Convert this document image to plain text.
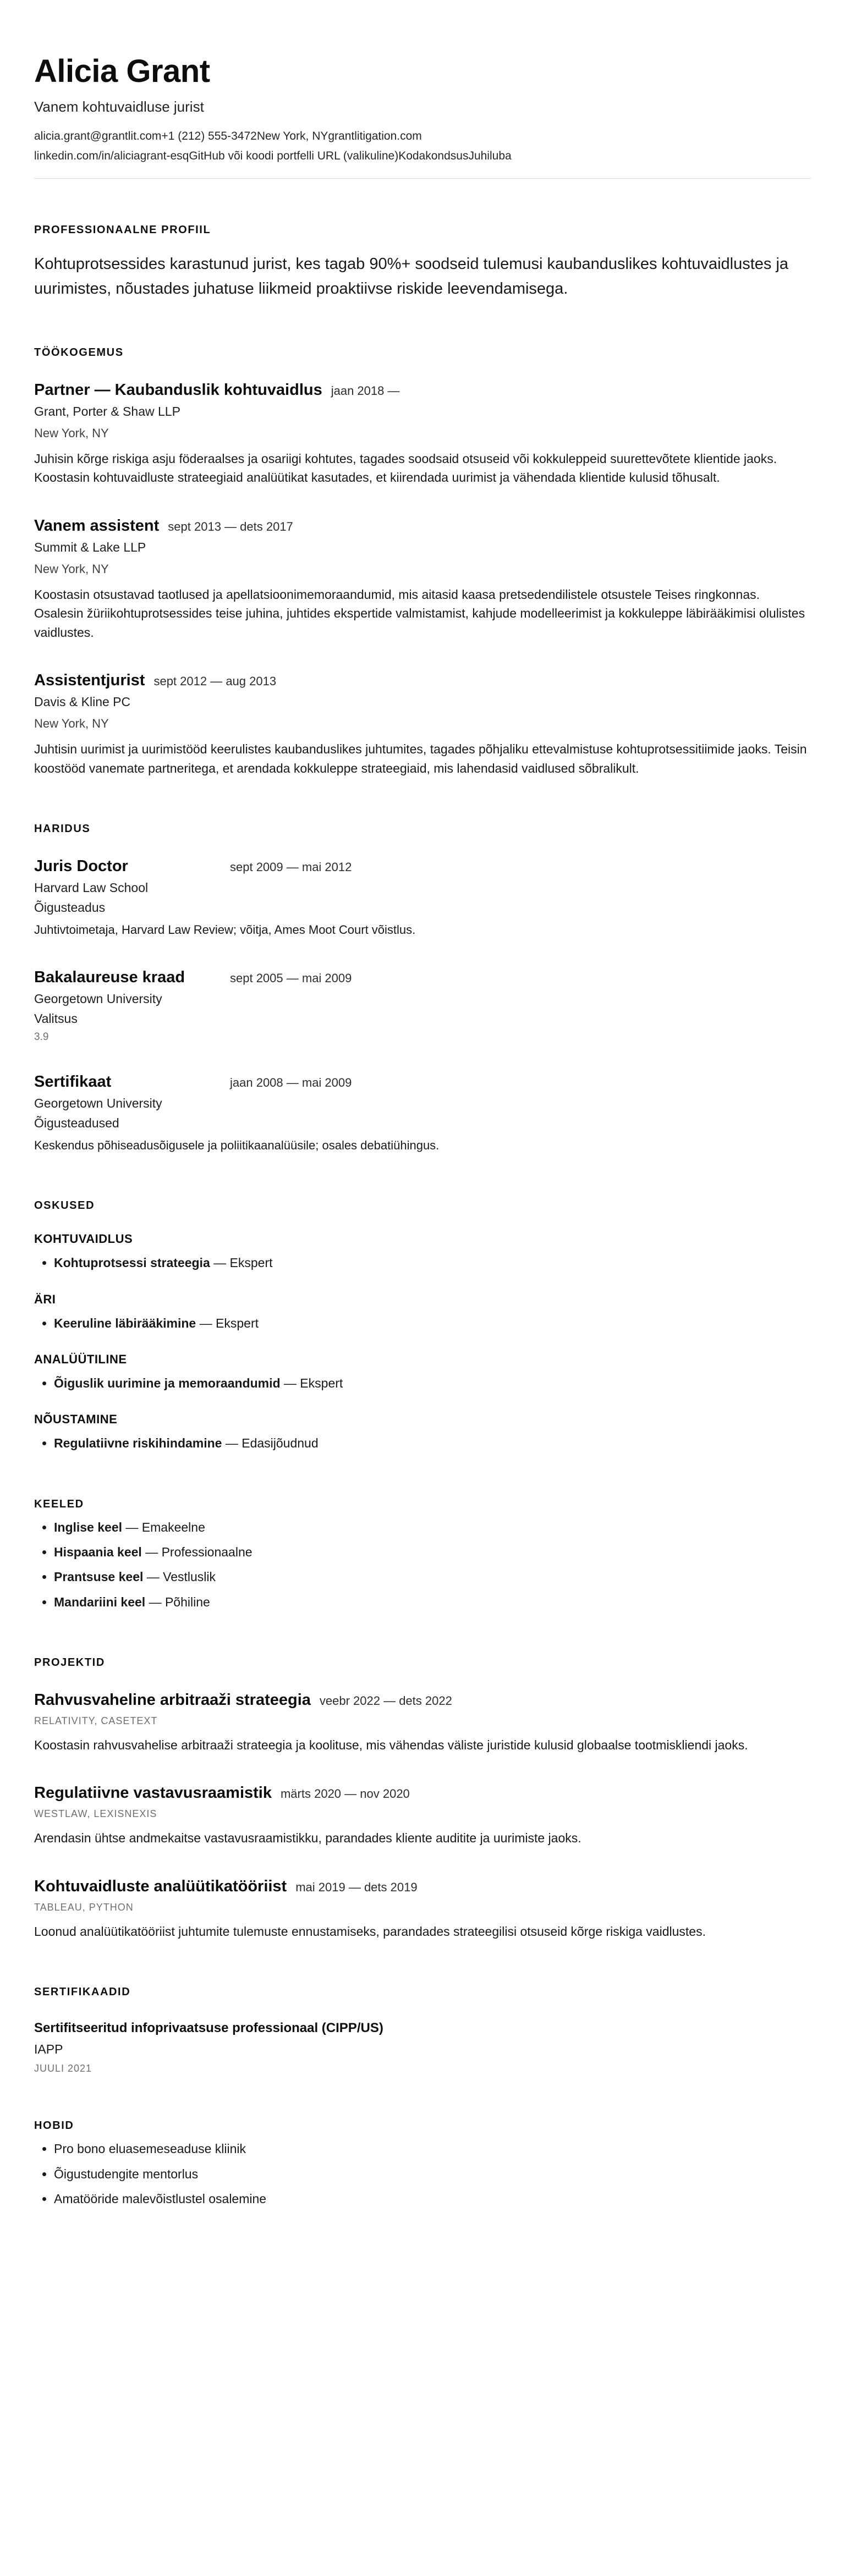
Alicia Grant
Vanem kohtuvaidluse jurist
alicia.grant@grantlit.com+1 (212) 555-3472New York, NYgrantlitigation.com
linkedin.com/in/aliciagrant-esqGitHub või koodi portfelli URL (valikuline)KodakondsusJuhiluba
PROFESSIONAALNE PROFIIL
Kohtuprotsessides karastunud jurist, kes tagab 90%+ soodseid tulemusi kaubanduslikes kohtuvaidlustes ja uurimistes, nõustades juhatuse liikmeid proaktiivse riskide leevendamisega.
TÖÖKOGEMUS
Partner — Kaubanduslik kohtuvaidlus jaan 2018 —
Grant, Porter & Shaw LLP
New York, NY
Juhisin kõrge riskiga asju föderaalses ja osariigi kohtutes, tagades soodsaid otsuseid või kokkuleppeid suurettevõtete klientide jaoks. Koostasin kohtuvaidluste strateegiaid analüütikat kasutades, et kiirendada uurimist ja vähendada klientide kulusid tõhusalt.
Vanem assistent sept 2013 — dets 2017
Summit & Lake LLP
New York, NY
Koostasin otsustavad taotlused ja apellatsioonimemoraandumid, mis aitasid kaasa pretsedendilistele otsustele Teises ringkonnas. Osalesin žüriikohtuprotsessides teise juhina, juhtides ekspertide valmistamist, kahjude modelleerimist ja kokkuleppe läbirääkimisi olulistes vaidlustes.
Assistentjurist sept 2012 — aug 2013
Davis & Kline PC
New York, NY
Juhtisin uurimist ja uurimistööd keerulistes kaubanduslikes juhtumites, tagades põhjaliku ettevalmistuse kohtuprotsessitiimide jaoks. Teisin koostööd vanemate partneritega, et arendada kokkuleppe strateegiaid, mis lahendasid vaidlused sõbralikult.
HARIDUS
Juris Doctor	sept 2009 — mai 2012
Harvard Law School
Õigusteadus
Juhtivtoimetaja, Harvard Law Review; võitja, Ames Moot Court võistlus.
Bakalaureuse kraad	sept 2005 — mai 2009
Georgetown University
Valitsus
3.9
Sertifikaat	jaan 2008 — mai 2009
Georgetown University
Õigusteadused
Keskendus põhiseadusõigusele ja poliitikaanalüüsile; osales debatiühingus.
OSKUSED
KOHTUVAIDLUS
• Kohtuprotsessi strateegia — Ekspert
ÄRI
• Keeruline läbirääkimine — Ekspert
ANALÜÜTILINE
• Õiguslik uurimine ja memoraandumid — Ekspert
NÕUSTAMINE
• Regulatiivne riskihindamine — Edasijõudnud
KEELED
• Inglise keel — Emakeelne
• Hispaania keel — Professionaalne
• Prantsuse keel — Vestluslik
• Mandariini keel — Põhiline
PROJEKTID
Rahvusvaheline arbitraaži strateegia veebr 2022 — dets 2022
RELATIVITY, CASETEXT
Koostasin rahvusvahelise arbitraaži strateegia ja koolituse, mis vähendas väliste juristide kulusid globaalse tootmiskliendi jaoks.
Regulatiivne vastavusraamistik märts 2020 — nov 2020
WESTLAW, LEXISNEXIS
Arendasin ühtse andmekaitse vastavusraamistikku, parandades kliente auditite ja uurimiste jaoks.
Kohtuvaidluste analüütikatööriist mai 2019 — dets 2019
TABLEAU, PYTHON
Loonud analüütikatööriist juhtumite tulemuste ennustamiseks, parandades strateegilisi otsuseid kõrge riskiga vaidlustes.
SERTIFIKAADID
Sertifitseeritud infoprivaatsuse professionaal (CIPP/US)
IAPP
JUULI 2021
HOBID
• Pro bono eluasemeseaduse kliinik
• Õigustudengite mentorlus
• Amatööride malevõistlustel osalemine
